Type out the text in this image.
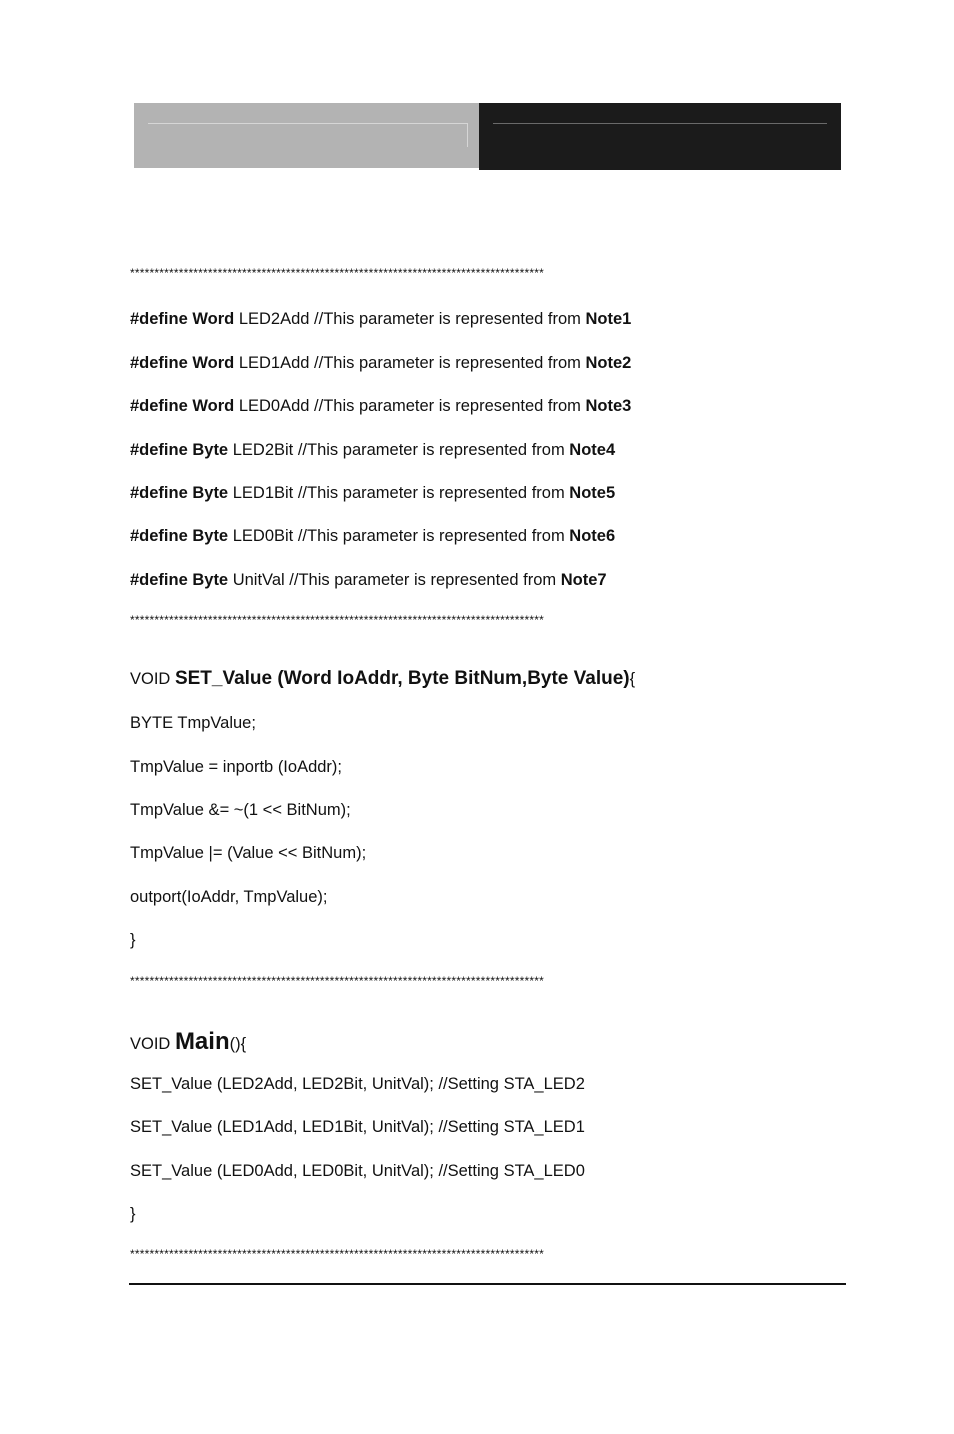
*************************************************************************************
#define Word LED2Add //This parameter is represented from Note1
#define Word LED1Add //This parameter is represented from Note2
#define Word LED0Add //This parameter is represented from Note3
#define Byte LED2Bit //This parameter is represented from Note4
#define Byte LED1Bit //This parameter is represented from Note5
#define Byte LED0Bit //This parameter is represented from Note6
#define Byte UnitVal //This parameter is represented from Note7
*************************************************************************************
VOID SET_Value (Word IoAddr, Byte BitNum,Byte Value){
BYTE TmpValue;
TmpValue = inportb (IoAddr);
TmpValue &= ~(1 << BitNum);
TmpValue |= (Value << BitNum);
outport(IoAddr, TmpValue);
}
*************************************************************************************
VOID Main(){
SET_Value (LED2Add, LED2Bit, UnitVal); //Setting STA_LED2
SET_Value (LED1Add, LED1Bit, UnitVal); //Setting STA_LED1
SET_Value (LED0Add, LED0Bit, UnitVal); //Setting STA_LED0
}
*************************************************************************************
